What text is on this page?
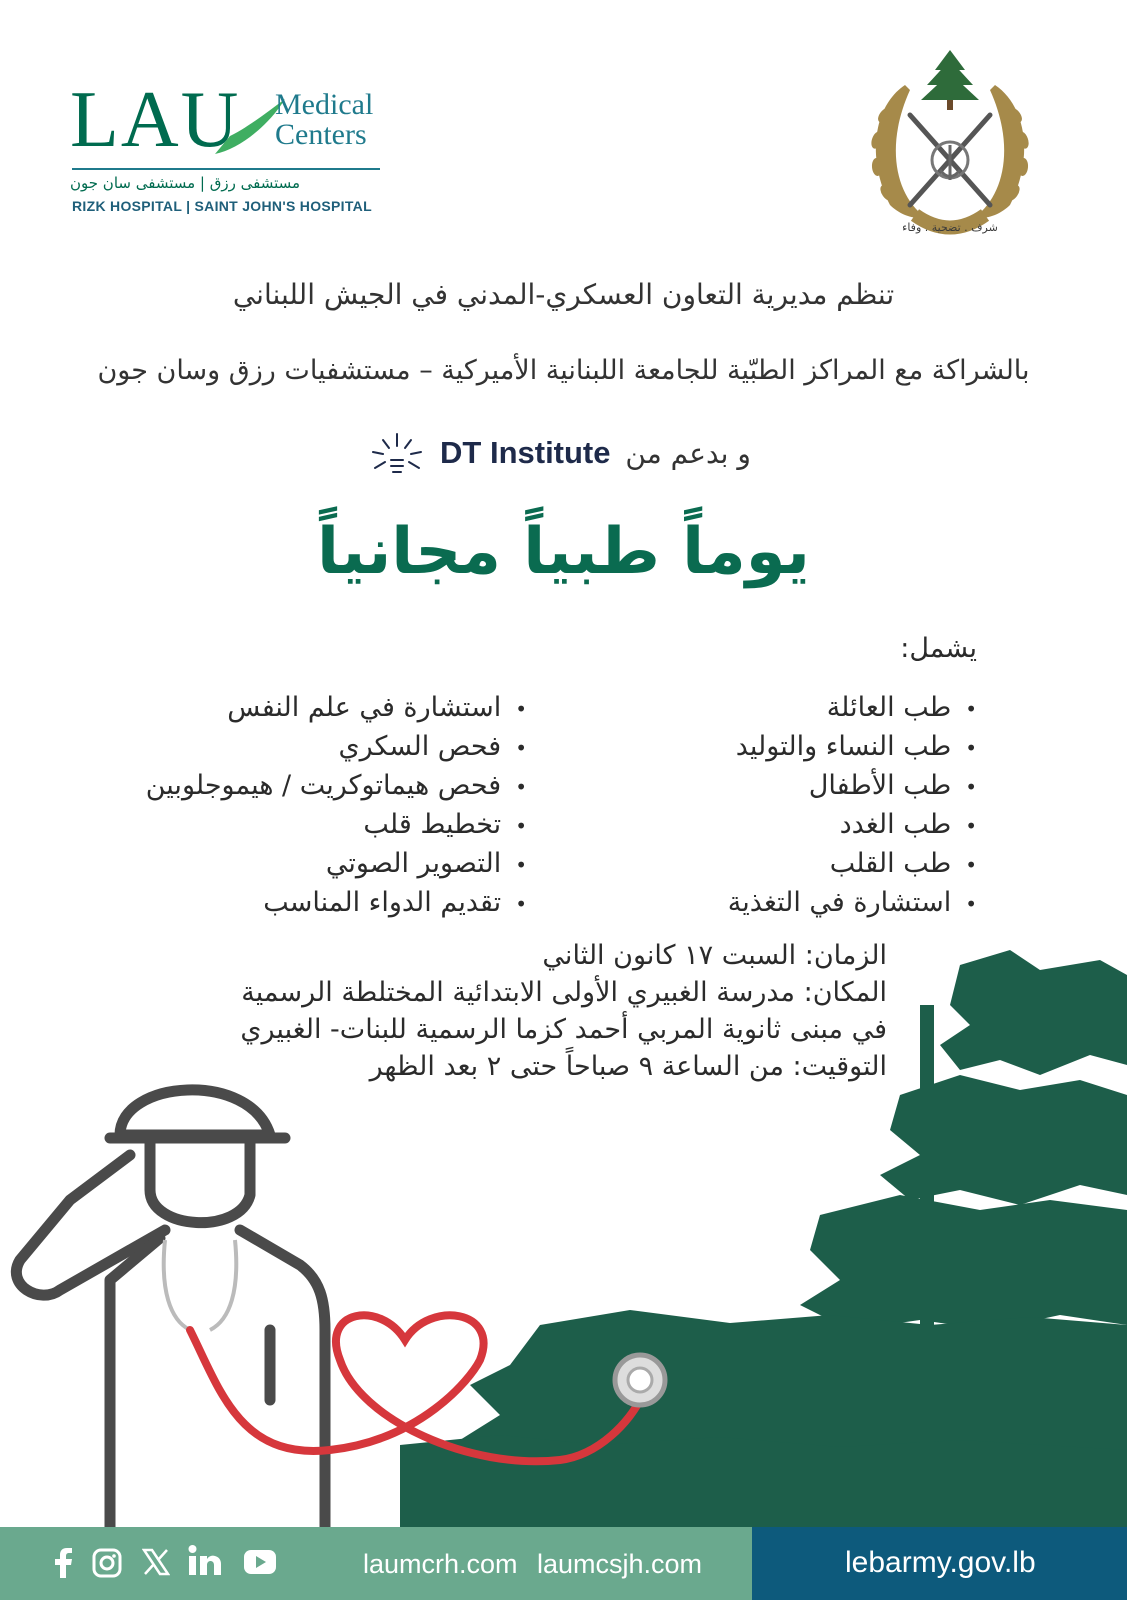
LAU Medical
Centers
مستشفى رزق | مستشفى سان جون
RIZK HOSPITAL | SAINT JOHN'S HOSPITAL
شرف . تضحية . وفاء
تنظم مديرية التعاون العسكري-المدني في الجيش اللبناني
بالشراكة مع المراكز الطبّية للجامعة اللبنانية الأميركية – مستشفيات رزق وسان جون
DT Institute و بدعم من
يوماً طبياً مجانياً
يشمل:
• طب العائلة
• طب النساء والتوليد
• طب الأطفال
• طب الغدد
• طب القلب
• استشارة في التغذية
• استشارة في علم النفس
• فحص السكري
• فحص هيماتوكريت / هيموجلوبين
• تخطيط قلب
• التصوير الصوتي
• تقديم الدواء المناسب
الزمان: السبت ١٧ كانون الثاني
المكان: مدرسة الغبيري الأولى الابتدائية المختلطة الرسمية
في مبنى ثانوية المربي أحمد كزما الرسمية للبنات- الغبيري
التوقيت: من الساعة ٩ صباحاً حتى ٢ بعد الظهر
laumcrh.com laumcsjh.com	lebarmy.gov.lb
